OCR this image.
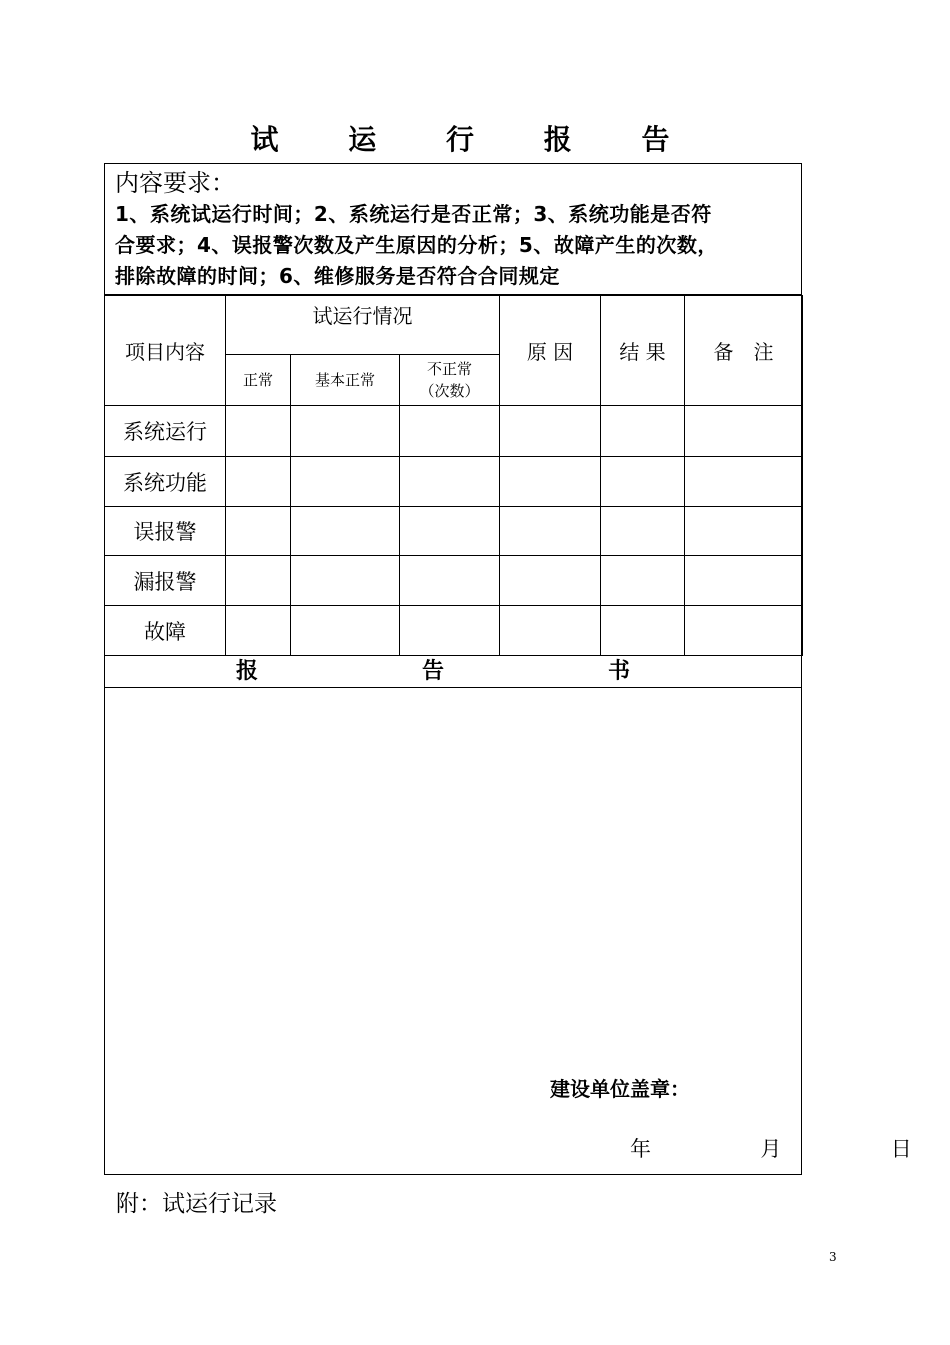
试 运 行 报 告
内容要求：
1、系统试运行时间；2、系统运行是否正常；3、系统功能是否符
合要求；4、误报警次数及产生原因的分析；5、故障产生的次数，
排除故障的时间；6、维修服务是否符合合同规定
项目内容	试运行情况			原 因	结 果	备　注
	正常	基本正常	不正常
（次数）			

系统运行						
系统功能						
误报警						
漏报警						
故障						
报　　告　　书
建设单位盖章：
年	月	日
附：试运行记录
3
